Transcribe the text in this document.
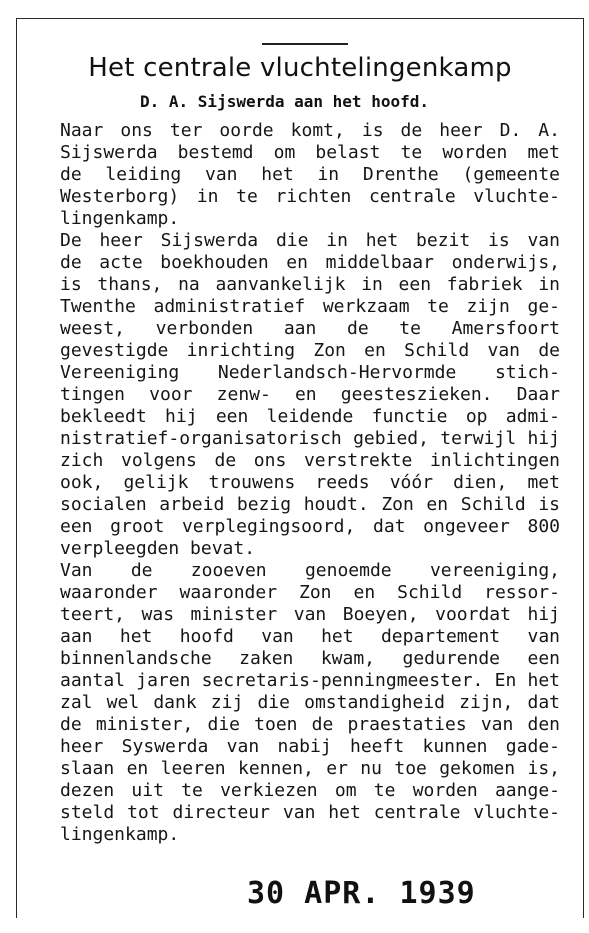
Het centrale vluchtelingenkamp
D. A. Sijswerda aan het hoofd.
Naar ons ter oorde komt, is de heer D. A.
Sijswerda bestemd om belast te worden met
de leiding van het in Drenthe (gemeente
Westerborg) in te richten centrale vluchte-
lingenkamp.
De heer Sijswerda die in het bezit is van
de acte boekhouden en middelbaar onderwijs,
is thans, na aanvankelijk in een fabriek in
Twenthe administratief werkzaam te zijn ge-
weest, verbonden aan de te Amersfoort
gevestigde inrichting Zon en Schild van de
Vereeniging Nederlandsch-Hervormde stich-
tingen voor zenw- en geesteszieken. Daar
bekleedt hij een leidende functie op admi-
nistratief-organisatorisch gebied, terwijl hij
zich volgens de ons verstrekte inlichtingen
ook, gelijk trouwens reeds vóór dien, met
socialen arbeid bezig houdt. Zon en Schild is
een groot verplegingsoord, dat ongeveer 800
verpleegden bevat.
Van de zooeven genoemde vereeniging,
waaronder waaronder Zon en Schild ressor-
teert, was minister van Boeyen, voordat hij
aan het hoofd van het departement van
binnenlandsche zaken kwam, gedurende een
aantal jaren secretaris-penningmeester. En het
zal wel dank zij die omstandigheid zijn, dat
de minister, die toen de praestaties van den
heer Syswerda van nabij heeft kunnen gade-
slaan en leeren kennen, er nu toe gekomen is,
dezen uit te verkiezen om te worden aange-
steld tot directeur van het centrale vluchte-
lingenkamp.
30 APR. 1939
